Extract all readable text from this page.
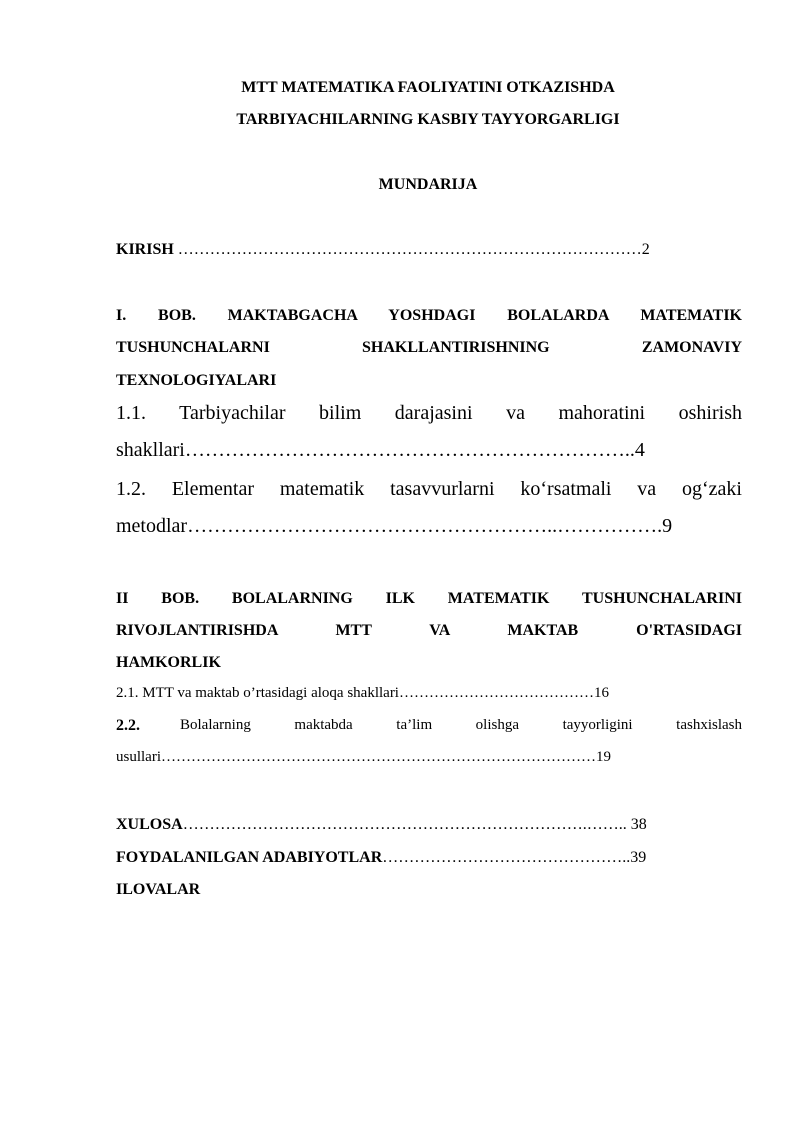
MTT MATEMATIKA FAOLIYATINI OTKAZISHDA
TARBIYACHILARNING KASBIY TAYYORGARLIGI
MUNDARIJA
KIRISH ……………………………………………………………………………2
I. BOB. MAKTABGACHA YOSHDAGI BOLALARDA MATEMATIK
TUSHUNCHALARNI SHAKLLANTIRISHNING ZAMONAVIY
TEXNOLOGIYALARI
1.1. Tarbiyachilar bilim darajasini va mahoratini oshirish
shakllari…………………………………………………………..4
1.2. Elementar matematik tasavvurlarni ko‘rsatmali va og‘zaki
metodlar………………………………………………..…………….9
II BOB. BOLALARNING ILK MATEMATIK TUSHUNCHALARINI
RIVOJLANTIRISHDA MTT VA MAKTAB O'RTASIDAGI
HAMKORLIK
2.1. MTT va maktab o’rtasidagi aloqa shakllari…………………………………16
2.2.	Bolalarning maktabda ta’lim olishga tayyorligini tashxislash
usullari……………………………………………………………………………19
XULOSA………………………………………………………………….…….. 38
FOYDALANILGAN ADABIYOTLAR………………………………………..39
ILOVALAR
